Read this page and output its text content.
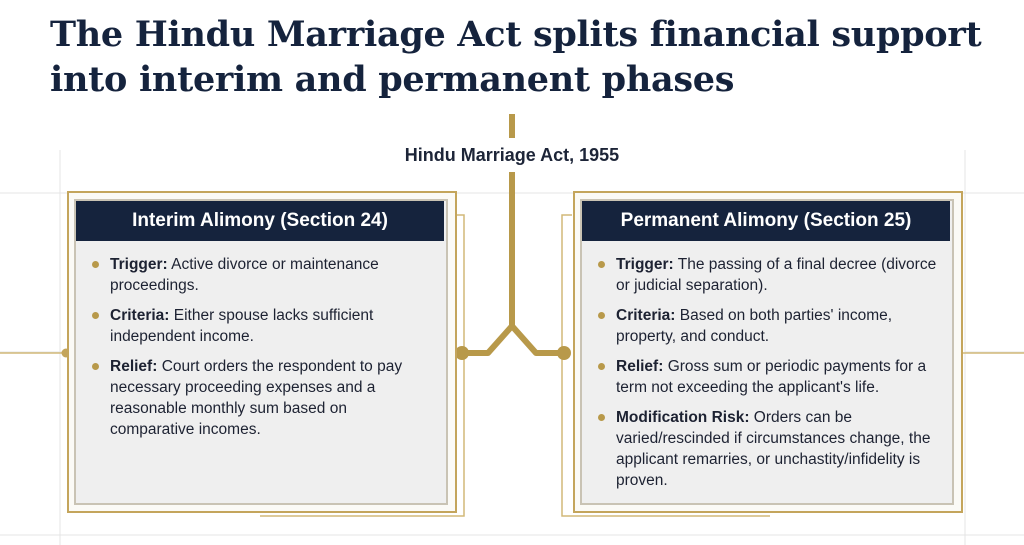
The Hindu Marriage Act splits financial support
into interim and permanent phases
Hindu Marriage Act, 1955
Interim Alimony (Section 24)
Trigger: Active divorce or maintenance proceedings.
Criteria: Either spouse lacks sufficient independent income.
Relief: Court orders the respondent to pay necessary proceeding expenses and a reasonable monthly sum based on comparative incomes.
Permanent Alimony (Section 25)
Trigger: The passing of a final decree (divorce or judicial separation).
Criteria: Based on both parties' income, property, and conduct.
Relief: Gross sum or periodic payments for a term not exceeding the applicant's life.
Modification Risk: Orders can be varied/rescinded if circumstances change, the applicant remarries, or unchastity/infidelity is proven.
